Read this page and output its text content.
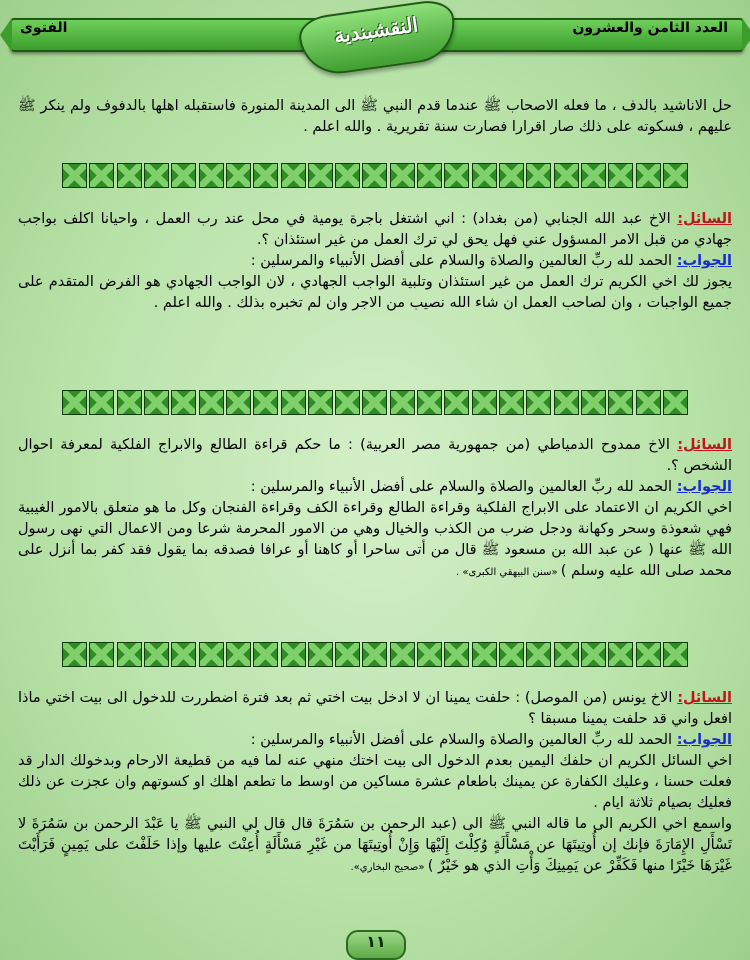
العدد الثامن والعشرون
الفتوى	النقشبندية

حل الاناشيد بالدف ، ما فعله الاصحاب ﷺ عندما قدم النبي ﷺ الى المدينة المنورة فاستقبله اهلها بالدفوف ولم ينكر ﷺ عليهم ، فسكوته على ذلك صار اقرارا فصارت سنة تقريرية . والله اعلم .

السائل: الاخ عبد الله الجنابي (من بغداد) : اني اشتغل باجرة يومية في محل عند رب العمل ، واحيانا اكلف بواجب جهادي من قبل الامر المسؤول عني فهل يحق لي ترك العمل من غير استئذان ؟.

الجواب: الحمد لله ربِّ العالمين والصلاة والسلام على أفضل الأنبياء والمرسلين :

يجوز لك اخي الكريم ترك العمل من غير استئذان وتلبية الواجب الجهادي ، لان الواجب الجهادي هو الفرض المتقدم على جميع الواجبات ، وان لصاحب العمل ان شاء الله نصيب من الاجر وان لم تخبره بذلك . والله اعلم .

السائل: الاخ ممدوح الدمياطي (من جمهورية مصر العربية) : ما حكم قراءة الطالع والابراج الفلكية لمعرفة احوال الشخص ؟.

الجواب: الحمد لله ربِّ العالمين والصلاة والسلام على أفضل الأنبياء والمرسلين :

اخي الكريم ان الاعتماد على الابراج الفلكية وقراءة الطالع وقراءة الكف وقراءة الفنجان وكل ما هو متعلق بالامور الغيبية فهي شعوذة وسحر وكهانة ودجل ضرب من الكذب والخيال وهي من الامور المحرمة شرعا ومن الاعمال التي نهى رسول الله ﷺ عنها ( عن عبد الله بن مسعود ﷺ قال من أتى ساحرا أو كاهنا أو عرافا فصدقه بما يقول فقد كفر بما أنزل على محمد صلى الله عليه وسلم ) «سنن البيهقي الكبرى» .

السائل: الاخ يونس (من الموصل) : حلفت يمينا ان لا ادخل بيت اختي ثم بعد فترة اضطررت للدخول الى بيت اختي ماذا افعل واني قد حلفت يمينا مسبقا ؟

الجواب: الحمد لله ربِّ العالمين والصلاة والسلام على أفضل الأنبياء والمرسلين :

اخي السائل الكريم ان حلفك اليمين بعدم الدخول الى بيت اختك منهي عنه لما فيه من قطيعة الارحام وبدخولك الدار قد فعلت حسنا ، وعليك الكفارة عن يمينك باطعام عشرة مساكين من اوسط ما تطعم اهلك او كسوتهم وان عجزت عن ذلك فعليك بصيام ثلاثة ايام .

واسمع اخي الكريم الى ما قاله النبي ﷺ الى (عبد الرحمن بن سَمُرَةَ قال قال لي النبي ﷺ يا عَبْدَ الرحمن بن سَمُرَةَ لا تَسْأَلِ الإِمَارَةَ فإنك إن أُوتِيتَهَا عن مَسْأَلَةٍ وُكِلْتَ إِلَيْهَا وَإِنْ أُوتِيتَهَا من غَيْرِ مَسْأَلَةٍ أُعِنْتَ عليها وإذا حَلَفْتَ على يَمِينٍ فَرَأَيْتَ غَيْرَهَا خَيْرًا منها فَكَفِّرْ عن يَمِينِكَ وَأْتِ الذي هو خَيْرٌ ) «صحيح البخاري».

١١
